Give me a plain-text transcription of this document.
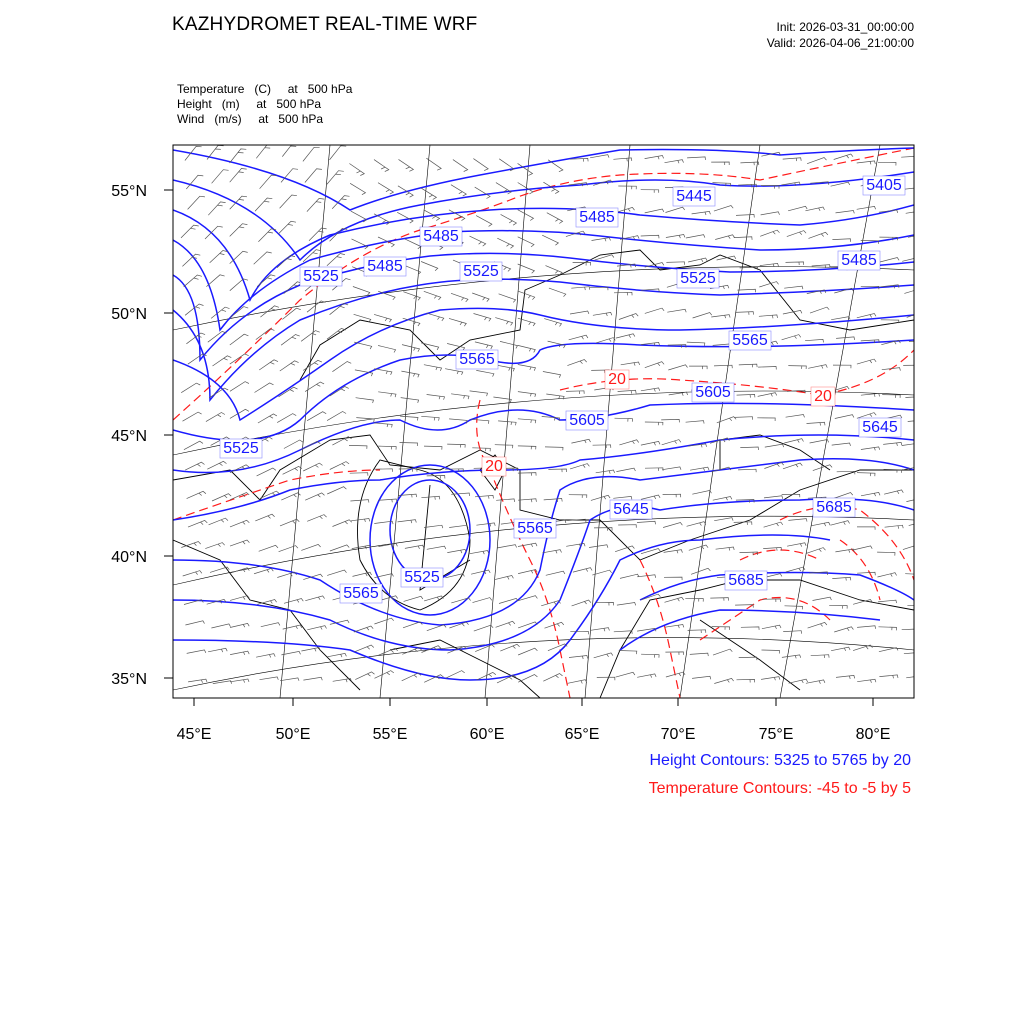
KAZHYDROMET REAL-TIME WRF	Init: 2026-03-31_00:00:00
Valid: 2026-04-06_21:00:00
Temperature   (C)     at   500 hPa
Height   (m)     at   500 hPa
Wind   (m/s)     at   500 hPa
55°N
50°N
45°N
40°N
35°N
45°E	50°E	55°E	60°E	65°E	70°E	75°E	80°E
5405
5445
5485
5485
5485	5485
5525	5525	5525
5525
5525
5565
5565
5565
5565
5605
5605
5645
5645
5685
5685
20
20
20
Height Contours: 5325 to 5765 by 20
Temperature Contours: -45 to -5 by 5
